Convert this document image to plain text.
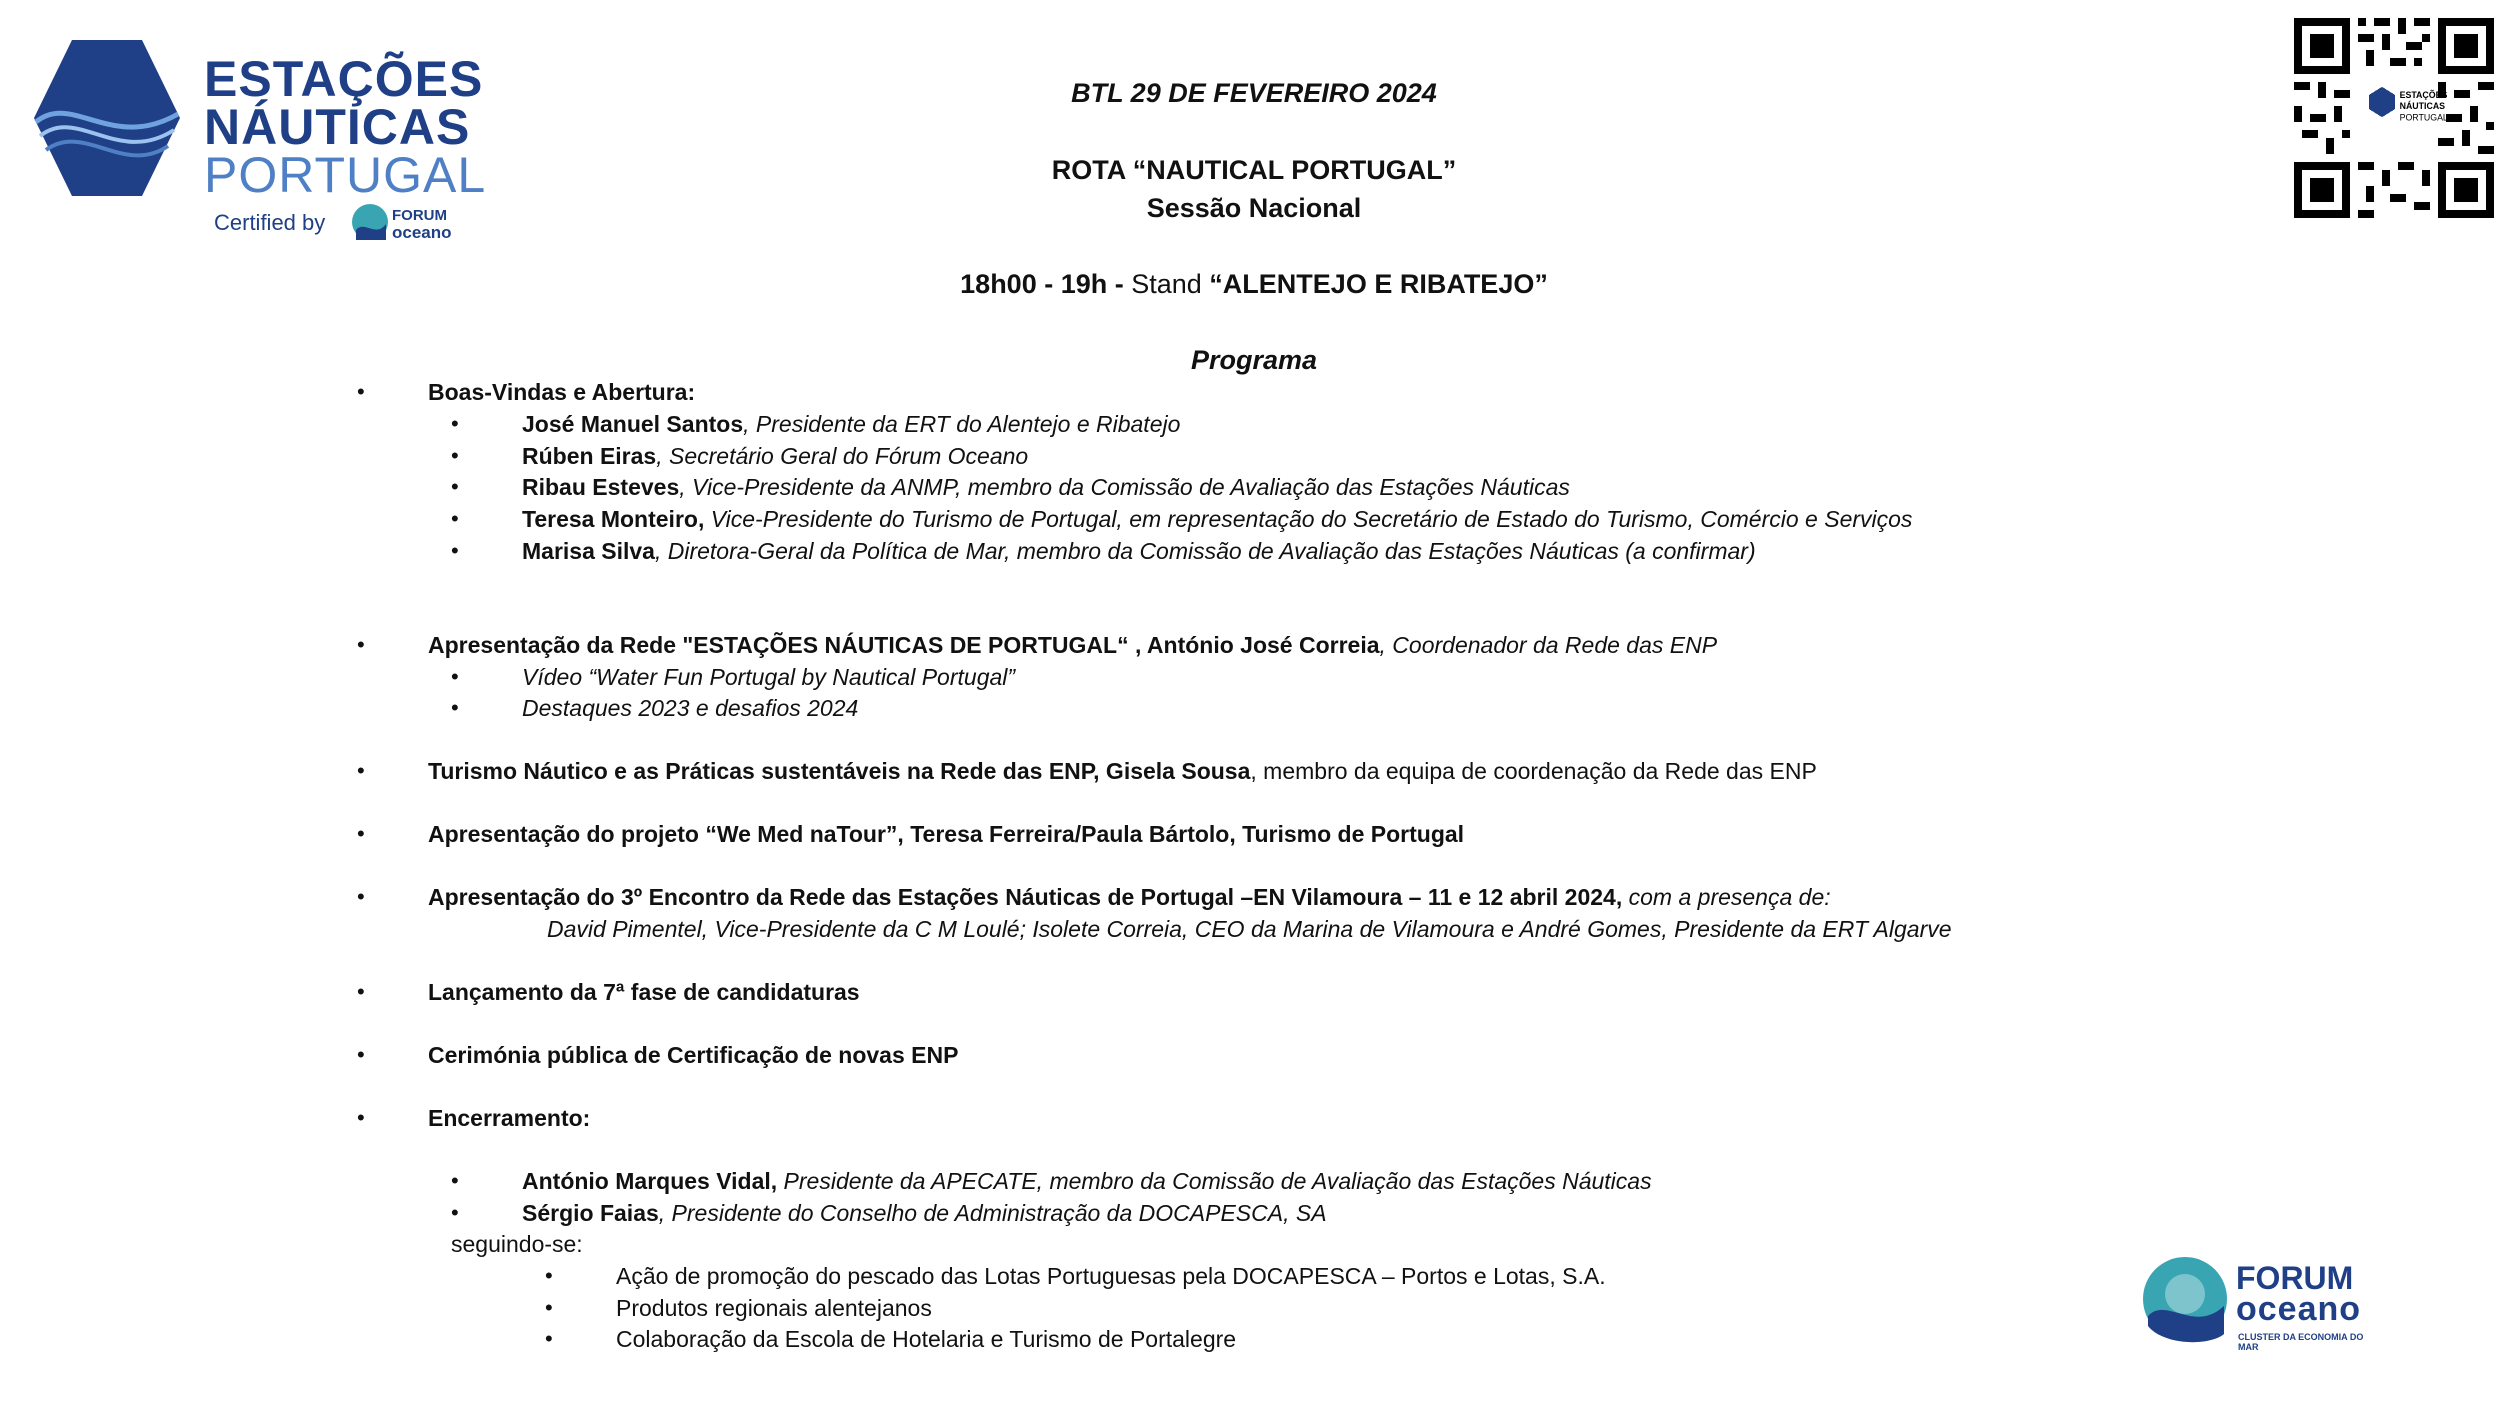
ESTAÇÕES
NÁUTICAS
PORTUGAL
Certified by	FORUM
oceano
ESTAÇÕES
NÁUTICAS
PORTUGAL
BTL 29 DE FEVEREIRO 2024
ROTA “NAUTICAL PORTUGAL”
Sessão Nacional
18h00 - 19h - Stand “ALENTEJO E RIBATEJO”
Programa
•	Boas-Vindas e Abertura:
•	José Manuel Santos, Presidente da ERT do Alentejo e Ribatejo
•	Rúben Eiras, Secretário Geral do Fórum Oceano
•	Ribau Esteves, Vice-Presidente da ANMP, membro da Comissão de Avaliação das Estações Náuticas
•	Teresa Monteiro, Vice-Presidente do Turismo de Portugal, em representação do Secretário de Estado do Turismo, Comércio e Serviços
•	Marisa Silva, Diretora-Geral da Política de Mar, membro da Comissão de Avaliação das Estações Náuticas (a confirmar)
•	Apresentação da Rede "ESTAÇÕES NÁUTICAS DE PORTUGAL“ , António José Correia, Coordenador da Rede das ENP
•	Vídeo “Water Fun Portugal by Nautical Portugal”
•	Destaques 2023 e desafios 2024
•	Turismo Náutico e as Práticas sustentáveis na Rede das ENP, Gisela Sousa, membro da equipa de coordenação da Rede das ENP
•	Apresentação do projeto “We Med naTour”, Teresa Ferreira/Paula Bártolo, Turismo de Portugal
•	Apresentação do 3º Encontro da Rede das Estações Náuticas de Portugal –EN Vilamoura – 11 e 12 abril 2024, com a presença de:
David Pimentel, Vice-Presidente da C M Loulé; Isolete Correia, CEO da Marina de Vilamoura e André Gomes, Presidente da ERT Algarve
•	Lançamento da 7ª fase de candidaturas
•	Cerimónia pública de Certificação de novas ENP
•	Encerramento:
•	António Marques Vidal, Presidente da APECATE, membro da Comissão de Avaliação das Estações Náuticas
•	Sérgio Faias, Presidente do Conselho de Administração da DOCAPESCA, SA
seguindo-se:
•	Ação de promoção do pescado das Lotas Portuguesas pela DOCAPESCA – Portos e Lotas, S.A.
•	Produtos regionais alentejanos
•	Colaboração da Escola de Hotelaria e Turismo de Portalegre
FORUM
oceano
CLUSTER DA ECONOMIA DO MAR
